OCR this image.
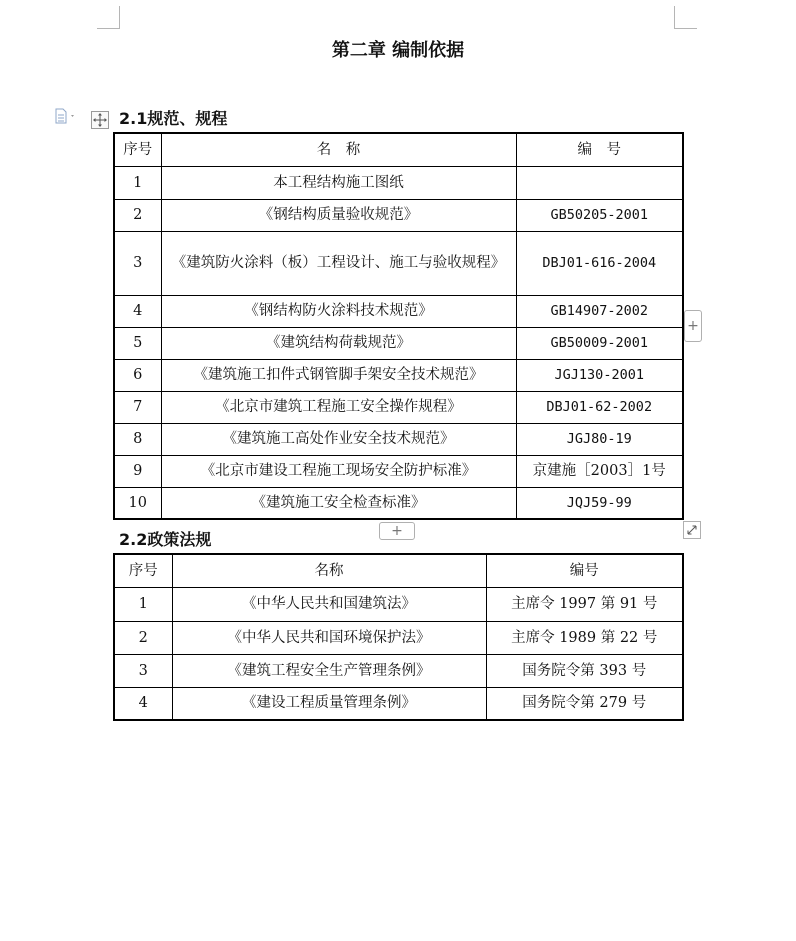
第二章 编制依据
2.1规范、规程
序号	名　称	编　号
1	本工程结构施工图纸	
2	《钢结构质量验收规范》	GB50205-2001
3	《建筑防火涂料（板）工程设计、施工与验收规程》	DBJ01-616-2004
4	《钢结构防火涂料技术规范》	GB14907-2002
5	《建筑结构荷载规范》	GB50009-2001
6	《建筑施工扣件式钢管脚手架安全技术规范》	JGJ130-2001
7	《北京市建筑工程施工安全操作规程》	DBJ01-62-2002
8	《建筑施工高处作业安全技术规范》	JGJ80-19
9	《北京市建设工程施工现场安全防护标准》	京建施［2003］1号
10	《建筑施工安全检查标准》	JQJ59-99
+
+
2.2政策法规
序号	名称	编号
1	《中华人民共和国建筑法》	主席令 1997 第 91 号
2	《中华人民共和国环境保护法》	主席令 1989 第 22 号
3	《建筑工程安全生产管理条例》	国务院令第 393 号
4	《建设工程质量管理条例》	国务院令第 279 号
